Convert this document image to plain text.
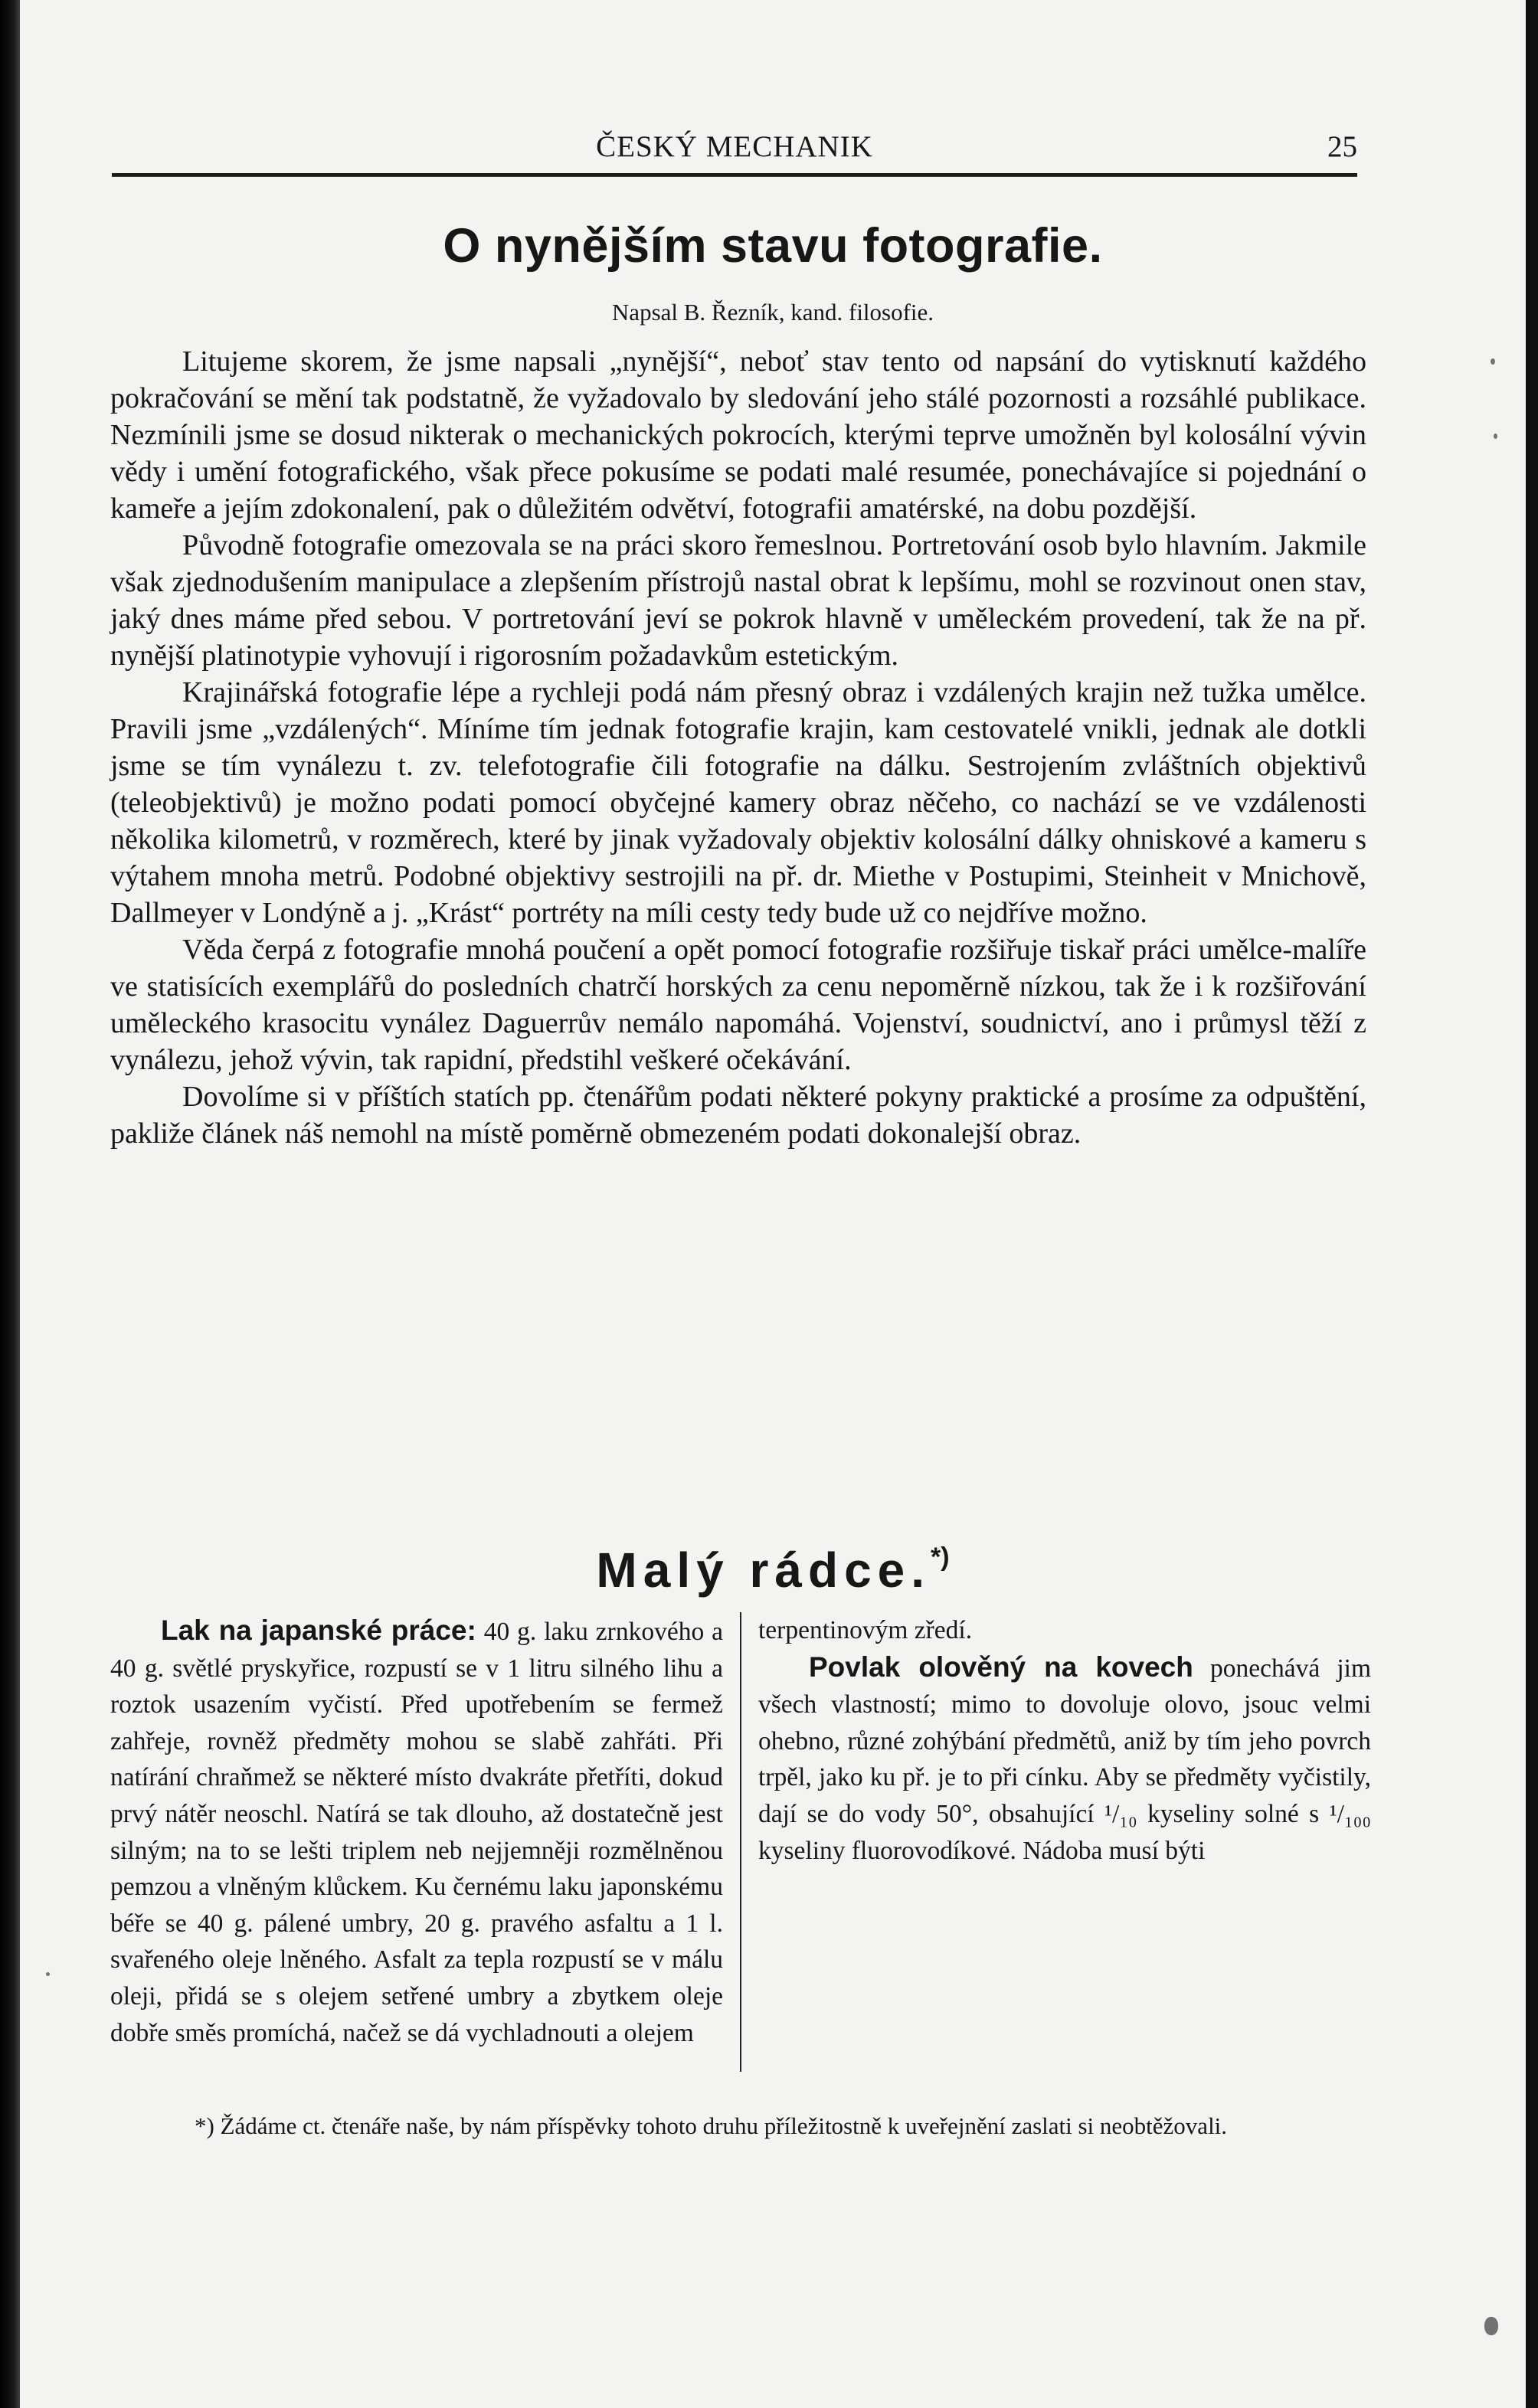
ČESKÝ MECHANIK	25
O nynějším stavu fotografie.
Napsal B. Řezník, kand. filosofie.

Litujeme skorem, že jsme napsali „nynější“, neboť stav tento od napsání do vytisknutí každého pokračování se mění tak podstatně, že vyžadovalo by sledování jeho stálé pozornosti a rozsáhlé publikace. Nezmínili jsme se dosud nikterak o mechanických pokrocích, kterými teprve umožněn byl kolosální vývin vědy i umění fotografického, však přece pokusíme se podati malé resumée, ponechávajíce si pojednání o kameře a jejím zdokonalení, pak o důležitém odvětví, fotografii amatérské, na dobu pozdější.

Původně fotografie omezovala se na práci skoro řemeslnou. Portretování osob bylo hlavním. Jakmile však zjednodušením manipulace a zlepšením přístrojů nastal obrat k lepšímu, mohl se rozvinout onen stav, jaký dnes máme před sebou. V portretování jeví se pokrok hlavně v uměleckém provedení, tak že na př. nynější platinotypie vyhovují i rigorosním požadavkům estetickým.

Krajinářská fotografie lépe a rychleji podá nám přesný obraz i vzdálených krajin než tužka umělce. Pravili jsme „vzdálených“. Míníme tím jednak fotografie krajin, kam cestovatelé vnikli, jednak ale dotkli jsme se tím vynálezu t. zv. telefotografie čili fotografie na dálku. Sestrojením zvláštních objektivů (teleobjektivů) je možno podati pomocí obyčejné kamery obraz něčeho, co nachází se ve vzdálenosti několika kilometrů, v rozměrech, které by jinak vyžadovaly objektiv kolosální dálky ohniskové a kameru s výtahem mnoha metrů. Podobné objektivy sestrojili na př. dr. Miethe v Postupimi, Steinheit v Mnichově, Dallmeyer v Londýně a j. „Krást“ portréty na míli cesty tedy bude už co nejdříve možno.

Věda čerpá z fotografie mnohá poučení a opět pomocí fotografie rozšiřuje tiskař práci umělce-malíře ve statisících exemplářů do posledních chatrčí horských za cenu nepoměrně nízkou, tak že i k rozšiřování uměleckého krasocitu vynález Daguerrův nemálo napomáhá. Vojenství, soudnictví, ano i průmysl těží z vynálezu, jehož vývin, tak rapidní, předstihl veškeré očekávání.

Dovolíme si v příštích statích pp. čtenářům podati některé pokyny praktické a prosíme za odpuštění, pakliže článek náš nemohl na místě poměrně obmezeném podati dokonalejší obraz.

Malý rádce.*)

Lak na japanské práce: 40 g. laku zrnkového a 40 g. světlé pryskyřice, rozpustí se v 1 litru silného lihu a roztok usazením vyčistí. Před upotřebením se fermež zahřeje, rovněž předměty mohou se slabě zahřáti. Při natírání chraňmež se některé místo dvakráte přetříti, dokud prvý nátěr neoschl. Natírá se tak dlouho, až dostatečně jest silným; na to se lešti triplem neb nejjemněji rozmělněnou pemzou a vlněným klůckem. Ku černému laku japonskému béře se 40 g. pálené umbry, 20 g. pravého asfaltu a 1 l. svařeného oleje lněného. Asfalt za tepla rozpustí se v málu oleji, přidá se s olejem setřené umbry a zbytkem oleje dobře směs promíchá, načež se dá vychladnouti a olejem

terpentinovým zředí.

Povlak olověný na kovech ponechává jim všech vlastností; mimo to dovoluje olovo, jsouc velmi ohebno, různé zohýbání předmětů, aniž by tím jeho povrch trpěl, jako ku př. je to při cínku. Aby se předměty vyčistily, dají se do vody 50°, obsahující ¹/₁₀ kyseliny solné s ¹/₁₀₀ kyseliny fluorovodíkové. Nádoba musí býti

*) Žádáme ct. čtenáře naše, by nám příspěvky tohoto druhu příležitostně k uveřejnění zaslati si neobtěžovali.
